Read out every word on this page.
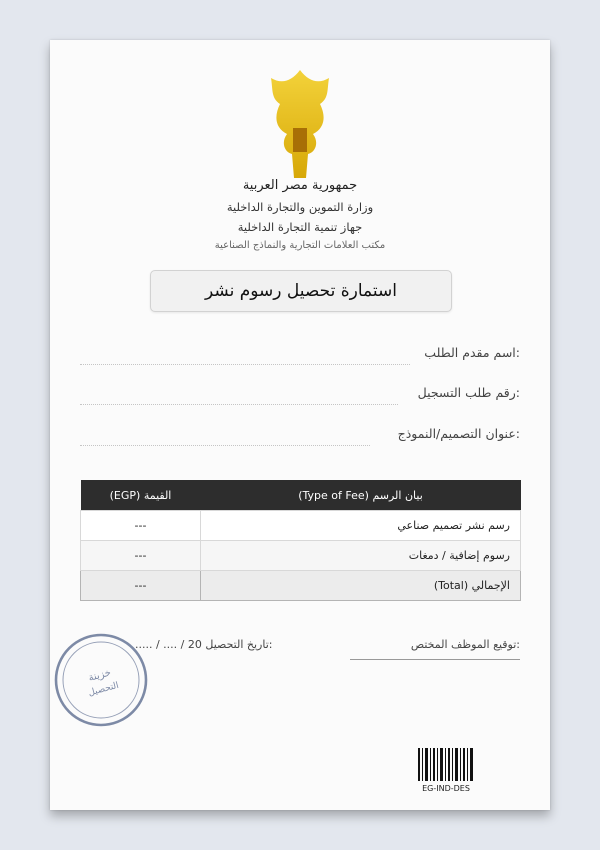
جمهورية مصر العربية
وزارة التموين والتجارة الداخلية
جهاز تنمية التجارة الداخلية
مكتب العلامات التجارية والنماذج الصناعية
استمارة تحصيل رسوم نشر
اسم مقدم الطلب:
رقم طلب التسجيل:
عنوان التصميم/النموذج:
(EGP) القيمة	(Type of Fee) بيان الرسم
---	رسم نشر تصميم صناعي
---	رسوم إضافية / دمغات
---	(Total) الإجمالي
توقيع الموظف المختص:
..... / .... / 20 تاريخ التحصيل:
خزينة
التحصيل
EG-IND-DES
